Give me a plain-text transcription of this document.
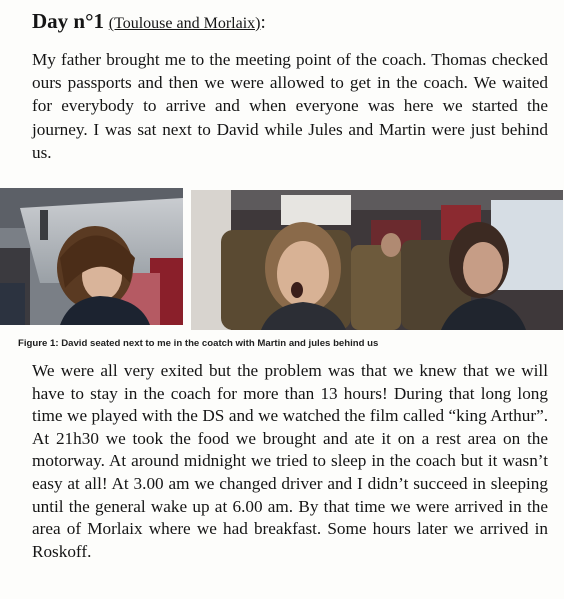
Day n°1 (Toulouse and Morlaix):

My father brought me to the meeting point of the coach. Thomas checked ours passports and then we were allowed to get in the coach. We waited for everybody to arrive and when everyone was here we started the journey. I was sat next to David while Jules and Martin were just behind us.

Figure 1: David seated next to me in the coatch with Martin and jules behind us

We were all very exited but the problem was that we knew that we will have to stay in the coach for more than 13 hours! During that long long time we played with the DS and we watched the film called “king Arthur”. At 21h30 we took the food we brought and ate it on a rest area on the motorway. At around midnight we tried to sleep in the coach but it wasn’t easy at all! At 3.00 am we changed driver and I didn’t succeed in sleeping until the general wake up at 6.00 am. By that time we were arrived in the area of Morlaix where we had breakfast. Some hours later we arrived in Roskoff.
